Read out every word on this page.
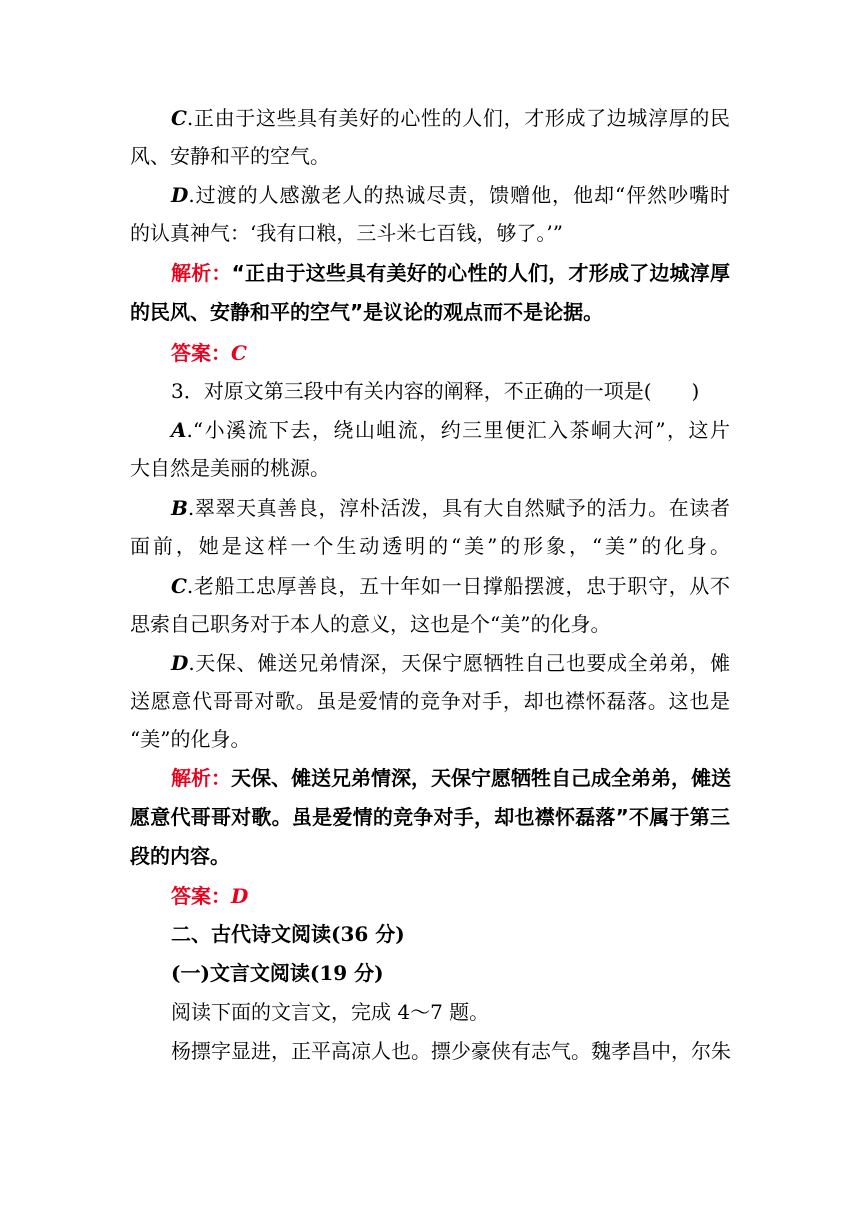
C.正由于这些具有美好的心性的人们，才形成了边城淳厚的民
风、安静和平的空气。
D.过渡的人感激老人的热诚尽责，馈赠他，他却“伻然吵嘴时
的认真神气：‘我有口粮，三斗米七百钱，够了。’”
解析：“正由于这些具有美好的心性的人们，才形成了边城淳厚
的民风、安静和平的空气”是议论的观点而不是论据。
答案：C
3．对原文第三段中有关内容的阐释，不正确的一项是(　　)
A.“小溪流下去，绕山岨流，约三里便汇入茶峒大河”，这片
大自然是美丽的桃源。
B.翠翠天真善良，淳朴活泼，具有大自然赋予的活力。在读者
面前，她是这样一个生动透明的“美”的形象，“美”的化身。
C.老船工忠厚善良，五十年如一日撑船摆渡，忠于职守，从不
思索自己职务对于本人的意义，这也是个“美”的化身。
D.天保、傩送兄弟情深，天保宁愿牺牲自己也要成全弟弟，傩
送愿意代哥哥对歌。虽是爱情的竞争对手，却也襟怀磊落。这也是
“美”的化身。
解析：天保、傩送兄弟情深，天保宁愿牺牲自己成全弟弟，傩送
愿意代哥哥对歌。虽是爱情的竞争对手，却也襟怀磊落”不属于第三
段的内容。
答案：D
二、古代诗文阅读(36 分)
(一)文言文阅读(19 分)
阅读下面的文言文，完成 4～7 题。
杨摽字显进，正平高凉人也。摽少豪侠有志气。魏孝昌中，尔朱
